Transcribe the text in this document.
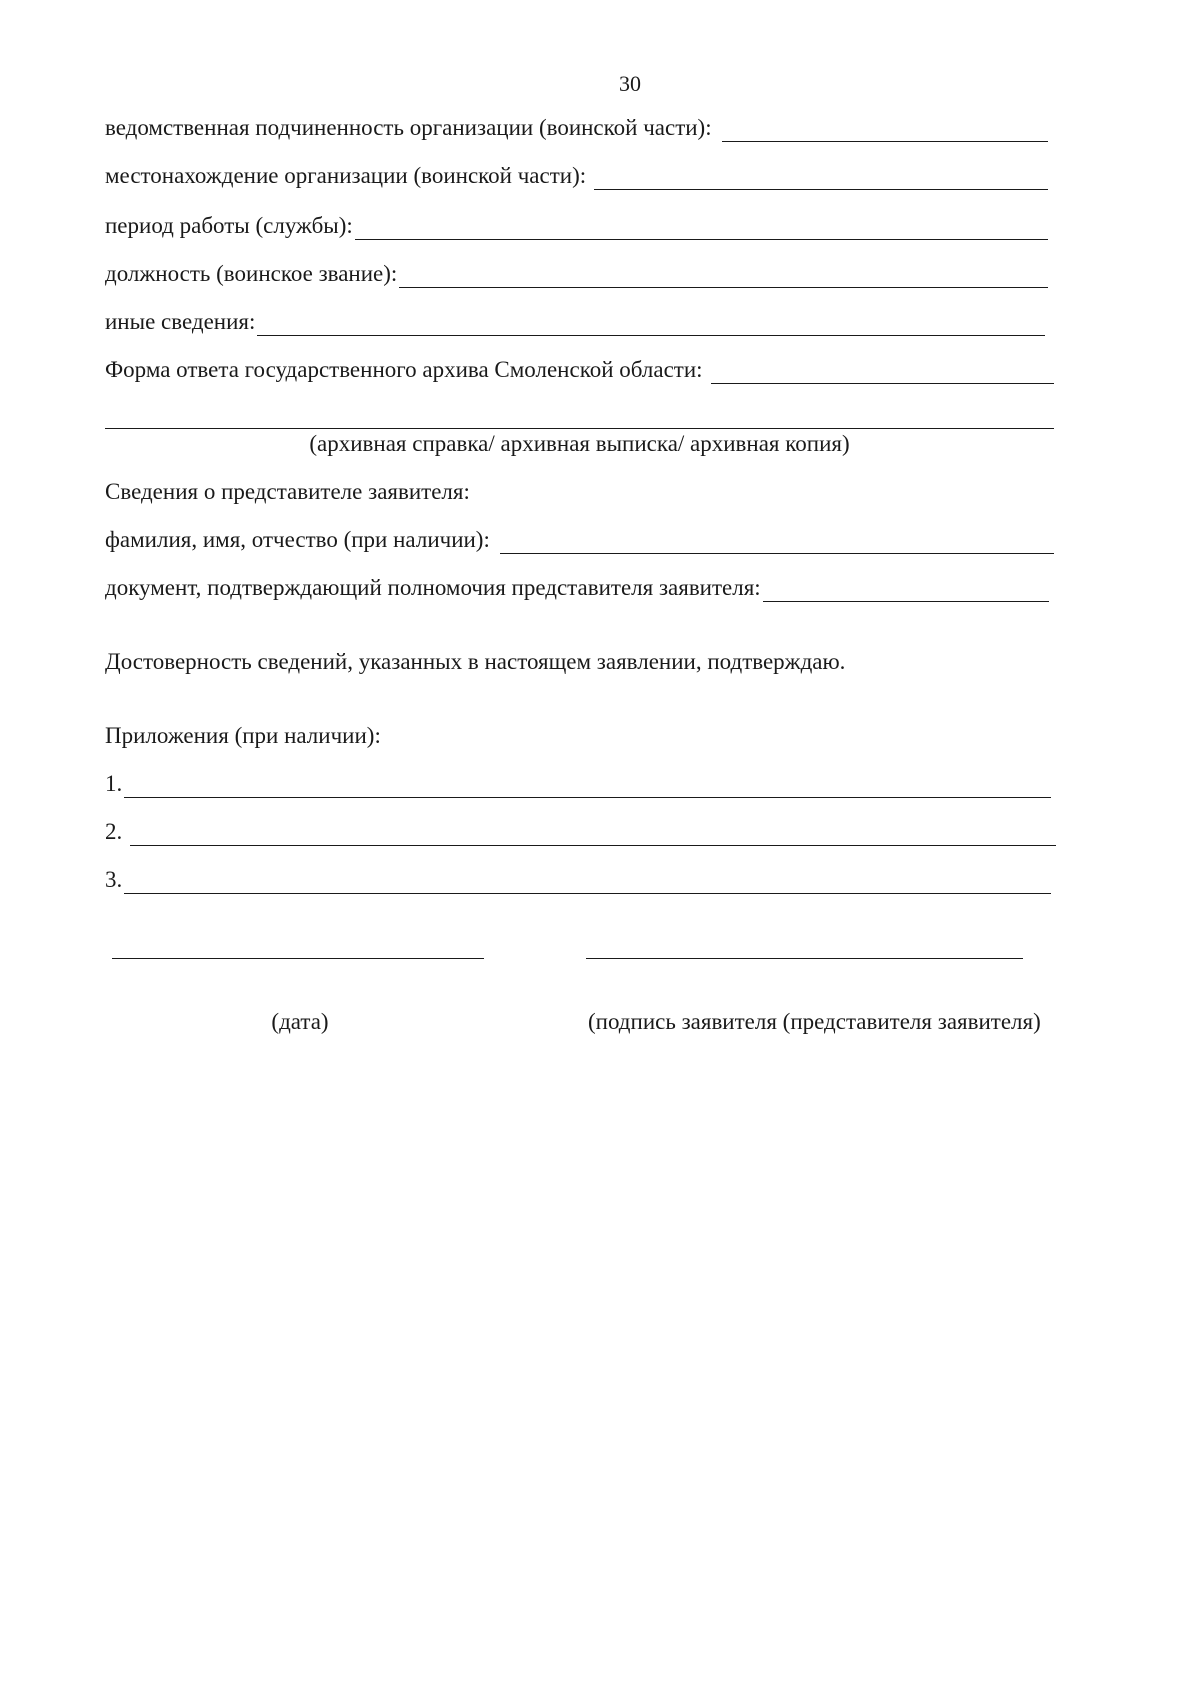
30
ведомственная подчиненность организации (воинской части):
местонахождение организации (воинской части):
период работы (службы):
должность (воинское звание):
иные сведения:
Форма ответа государственного архива Смоленской области:
(архивная справка/ архивная выписка/ архивная копия)
Сведения о представителе заявителя:
фамилия, имя, отчество (при наличии):
документ, подтверждающий полномочия представителя заявителя:
Достоверность сведений, указанных в настоящем заявлении, подтверждаю.
Приложения (при наличии):
1.
2.
3.
(дата)	(подпись заявителя (представителя заявителя)
